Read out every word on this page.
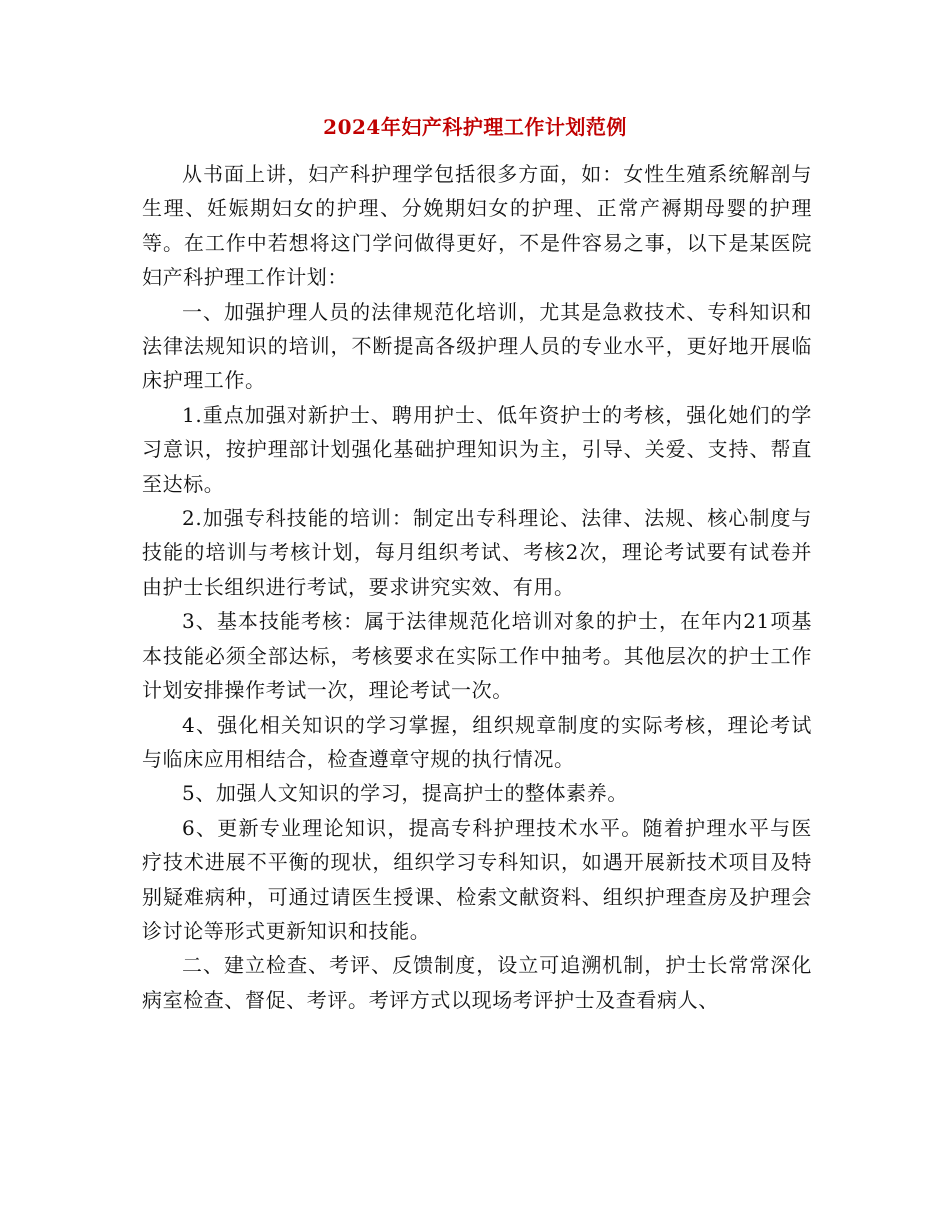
2024年妇产科护理工作计划范例

从书面上讲，妇产科护理学包括很多方面，如：女性生殖系统解剖与生理、妊娠期妇女的护理、分娩期妇女的护理、正常产褥期母婴的护理等。在工作中若想将这门学问做得更好，不是件容易之事，以下是某医院妇产科护理工作计划：

一、加强护理人员的法律规范化培训，尤其是急救技术、专科知识和法律法规知识的培训，不断提高各级护理人员的专业水平，更好地开展临床护理工作。

1.重点加强对新护士、聘用护士、低年资护士的考核，强化她们的学习意识，按护理部计划强化基础护理知识为主，引导、关爱、支持、帮直至达标。

2.加强专科技能的培训：制定出专科理论、法律、法规、核心制度与技能的培训与考核计划，每月组织考试、考核2次，理论考试要有试卷并由护士长组织进行考试，要求讲究实效、有用。

3、基本技能考核：属于法律规范化培训对象的护士，在年内21项基本技能必须全部达标，考核要求在实际工作中抽考。其他层次的护士工作计划安排操作考试一次，理论考试一次。

4、强化相关知识的学习掌握，组织规章制度的实际考核，理论考试与临床应用相结合，检查遵章守规的执行情况。

5、加强人文知识的学习，提高护士的整体素养。

6、更新专业理论知识，提高专科护理技术水平。随着护理水平与医疗技术进展不平衡的现状，组织学习专科知识，如遇开展新技术项目及特别疑难病种，可通过请医生授课、检索文献资料、组织护理查房及护理会诊讨论等形式更新知识和技能。

二、建立检查、考评、反馈制度，设立可追溯机制，护士长常常深化病室检查、督促、考评。考评方式以现场考评护士及查看病人、
